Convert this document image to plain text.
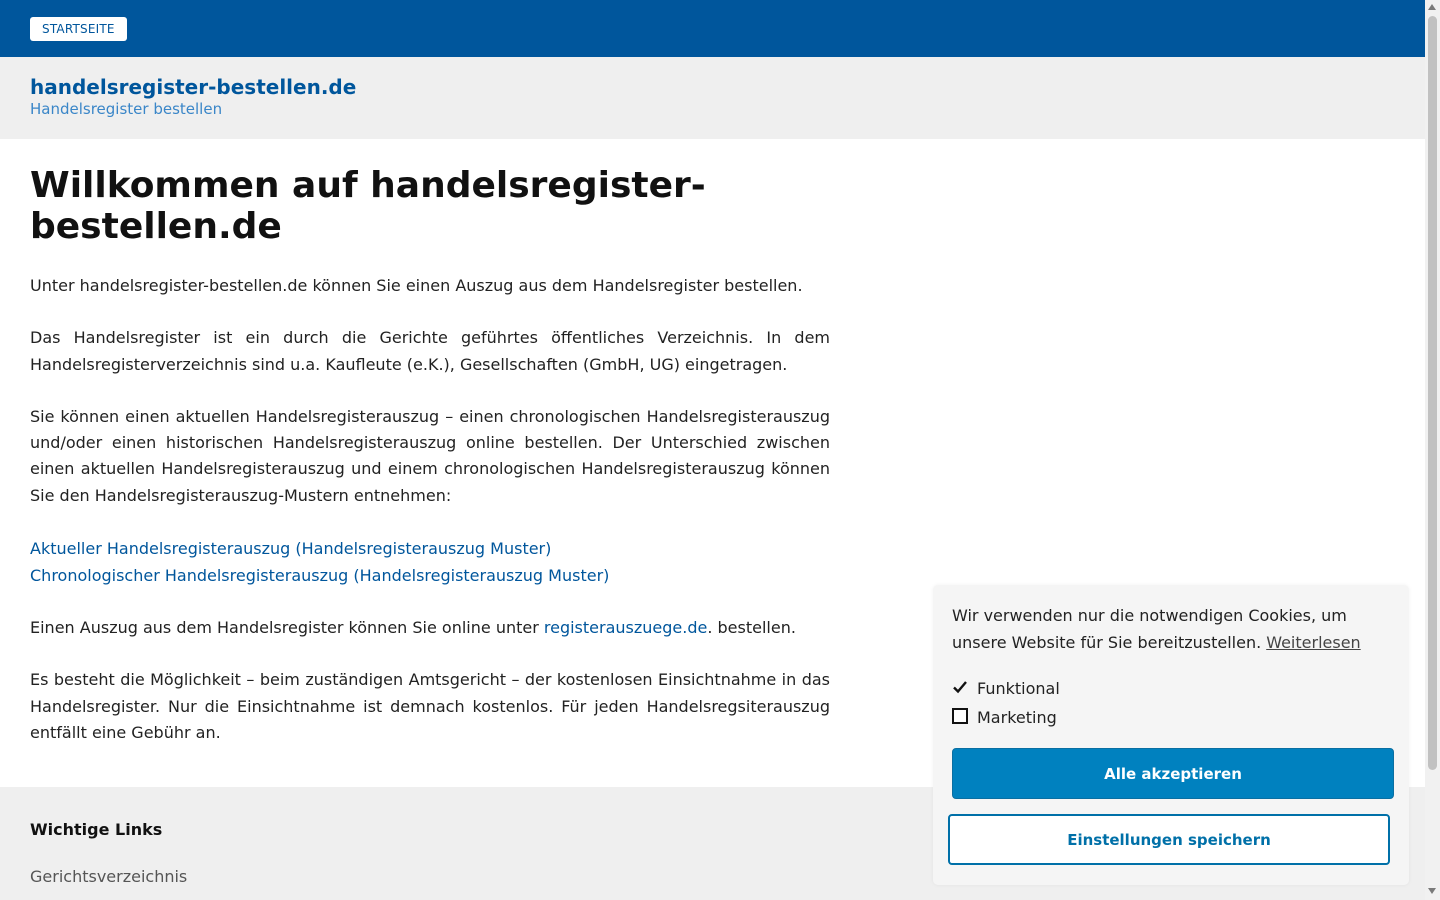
STARTSEITE
handelsregister-bestellen.de
Handelsregister bestellen
Willkommen auf handelsregister-bestellen.de

Unter handelsregister-bestellen.de können Sie einen Auszug aus dem Handelsregister bestellen.

Das Handelsregister ist ein durch die Gerichte geführtes öffentliches Verzeichnis. In dem Handelsregisterverzeichnis sind u.a. Kaufleute (e.K.), Gesellschaften (GmbH, UG) eingetragen.

Sie können einen aktuellen Handelsregisterauszug – einen chronologischen Handelsregisterauszug und/oder einen historischen Handelsregisterauszug online bestellen. Der Unterschied zwischen einen aktuellen Handelsregisterauszug und einem chronologischen Handelsregisterauszug können Sie den Handelsregisterauszug-Mustern entnehmen:

Aktueller Handelsregisterauszug (Handelsregisterauszug Muster)
Chronologischer Handelsregisterauszug (Handelsregisterauszug Muster)

Einen Auszug aus dem Handelsregister können Sie online unter registerauszuege.de. bestellen.

Es besteht die Möglichkeit – beim zuständigen Amtsgericht – der kostenlosen Einsichtnahme in das Handelsregister. Nur die Einsichtnahme ist demnach kostenlos. Für jeden Handelsregsiterauszug entfällt eine Gebühr an.

Wichtige Links
Gerichtsverzeichnis
Wir verwenden nur die notwendigen Cookies, um unsere Website für Sie bereitzustellen. Weiterlesen
Funktional
Marketing
Alle akzeptieren
Einstellungen speichern
